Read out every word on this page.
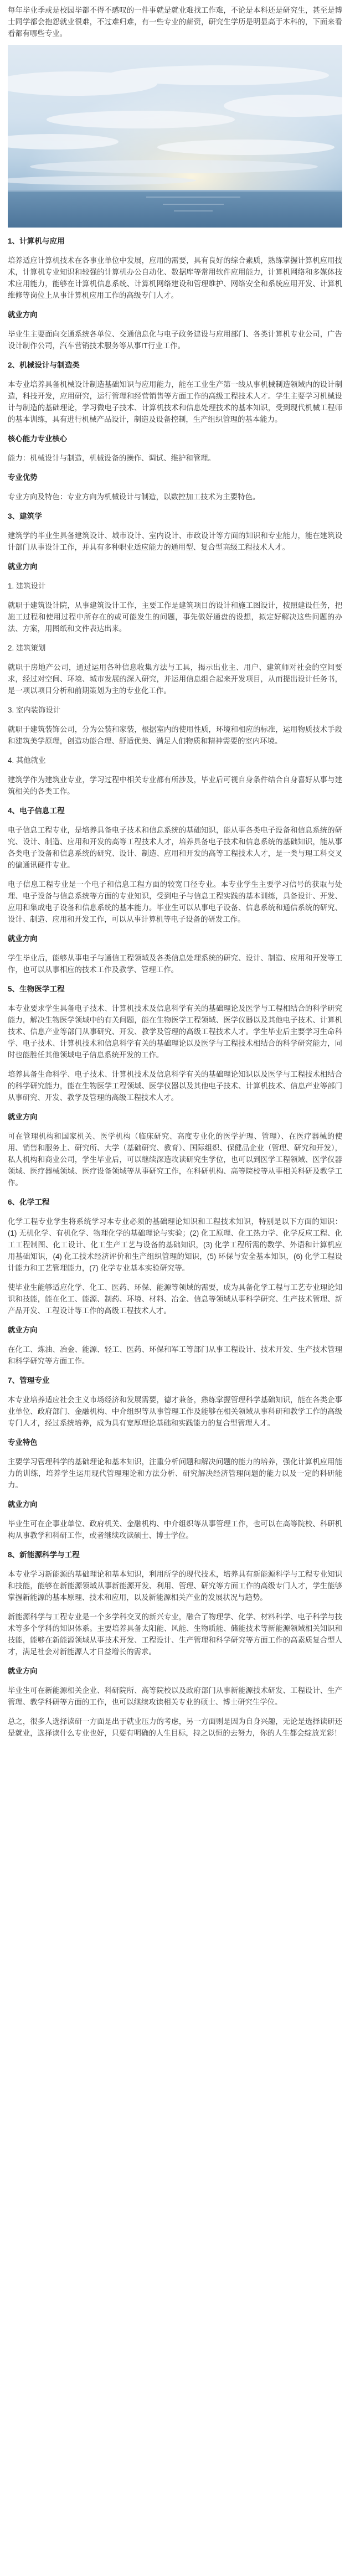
每年毕业季或是校园毕都不得不感叹的一件事就是就业难找工作难，不论是本科还是研究生，甚至是博士同学都会抱怨就业很难，不过难归难，有一些专业的薪资，研究生学历是明显高于本科的，下面来看看都有哪些专业。

1、计算机与应用

培养适应计算机技术在各事业单位中发展，应用的需要，具有良好的综合素质，熟练掌握计算机应用技术，计算机专业知识和较强的计算机办公自动化、数据库等常用软件应用能力，计算机网络和多媒体技术应用能力，能够在计算机信息系统、计算机网络建设和管理维护、网络安全和系统应用开发、计算机维修等岗位上从事计算机应用工作的高级专门人才。

就业方向

毕业生主要面向交通系统各单位、交通信息化与电子政务建设与应用部门、各类计算机专业公司，广告设计制作公司，汽车营销技术服务等从事IT行业工作。

2、机械设计与制造类

本专业培养具备机械设计制造基础知识与应用能力，能在工业生产第一线从事机械制造领域内的设计制造，科技开发，应用研究，运行管理和经营销售等方面工作的高级工程技术人才。学生主要学习机械设计与制造的基础理论，学习微电子技术、计算机技术和信息处理技术的基本知识，受到现代机械工程师的基本训练，具有进行机械产品设计，制造及设备控制，生产组织管理的基本能力。

核心能力专业核心

能力：机械设计与制造，机械设备的操作、调试、维护和管理。

专业优势

专业方向及特色：专业方向为机械设计与制造，以数控加工技术为主要特色。

3、建筑学

建筑学的毕业生具备建筑设计、城市设计、室内设计、市政设计等方面的知识和专业能力，能在建筑设计部门从事设计工作，并具有多种职业适应能力的通用型、复合型高级工程技术人才。

就业方向

1. 建筑设计

就职于建筑设计院，从事建筑设计工作，主要工作是建筑项目的设计和施工图设计，按照建设任务，把施工过程和使用过程中所存在的或可能发生的问题，事先做好通盘的设想，拟定好解决这些问题的办法、方案，用图纸和文件表达出来。

2. 建筑策划

就职于房地产公司，通过运用各种信息收集方法与工具，揭示出业主、用户、建筑师对社会的空间要求，经过对空间、环境、城市发展的深入研究，并运用信息组合起来开发项目，从而提出设计任务书，是一项以项目分析和前期策划为主的专业化工作。

3. 室内装饰设计

就职于建筑装饰公司，分为公装和家装，根据室内的使用性质，环境和相应的标准，运用物质技术手段和建筑美学原理，创造功能合理、舒适优美、满足人们物质和精神需要的室内环境。

4. 其他就业

建筑学作为建筑业专业，学习过程中相关专业都有所涉及，毕业后可视自身条件结合自身喜好从事与建筑相关的各类工作。

4、电子信息工程

电子信息工程专业，是培养具备电子技术和信息系统的基础知识，能从事各类电子设备和信息系统的研究、设计、制造、应用和开发的高等工程技术人才，培养具备电子技术和信息系统的基础知识，能从事各类电子设备和信息系统的研究、设计、制造、应用和开发的高等工程技术人才，是一类与理工科交叉的偏通讯硬件专业。

电子信息工程专业是一个电子和信息工程方面的较宽口径专业。本专业学生主要学习信号的获取与处理、电子设备与信息系统等方面的专业知识，受到电子与信息工程实践的基本训练，具备设计、开发、应用和集成电子设备和信息系统的基本能力。毕业生可以从事电子设备、信息系统和通信系统的研究、设计、制造、应用和开发工作，可以从事计算机等电子设备的研发工作。

就业方向

学生毕业后，能够从事电子与通信工程领域及各类信息处理系统的研究、设计、制造、应用和开发等工作，也可以从事相应的技术工作及教学、管理工作。

5、生物医学工程

本专业要求学生具备电子技术、计算机技术及信息科学有关的基础理论及医学与工程相结合的科学研究能力，解决生物医学领域中的有关问题，能在生物医学工程领域、医学仪器以及其他电子技术、计算机技术、信息产业等部门从事研究、开发、教学及管理的高级工程技术人才。学生毕业后主要学习生命科学、电子技术、计算机技术和信息科学有关的基础理论以及医学与工程技术相结合的科学研究能力，同时也能胜任其他领域电子信息系统开发的工作。

培养具备生命科学、电子技术、计算机技术及信息科学有关的基础理论知识以及医学与工程技术相结合的科学研究能力，能在生物医学工程领域、医学仪器以及其他电子技术、计算机技术、信息产业等部门从事研究、开发、教学及管理的高级工程技术人才。

就业方向

可在管理机构和国家机关、医学机构（临床研究、高度专业化的医学护理、管理）、在医疗器械的使用、销售和服务上、研究所、大学（基础研究、教育）、国际组织、保健品企业（管理、研究和开发），私人机构和商业公司，学生毕业后，可以继续深造攻读研究生学位，也可以到医学工程领域、医学仪器领域、医疗器械领域、医疗设备领域等从事研究工作，在科研机构、高等院校等从事相关科研及教学工作。

6、化学工程

化学工程专业学生将系统学习本专业必须的基础理论知识和工程技术知识，特别是以下方面的知识：(1) 无机化学、有机化学、物理化学的基础理论与实验；(2) 化工原理、化工热力学、化学反应工程、化工工程制图、化工设计、化工生产工艺与设备的基础知识，(3) 化学工程所需的数学、外语和计算机应用基础知识，(4) 化工技术经济评价和生产组织管理的知识，(5) 环保与安全基本知识，(6) 化学工程设计能力和工艺管理能力，(7) 化学专业基本实验研究等。

使毕业生能够适应化学、化工、医药、环保、能源等领域的需要，成为具备化学工程与工艺专业理论知识和技能，能在化工、能源、制药、环境、材料、冶金、信息等领域从事科学研究、生产技术管理、新产品开发、工程设计等工作的高级工程技术人才。

就业方向

在化工、炼油、冶金、能源、轻工、医药、环保和军工等部门从事工程设计、技术开发、生产技术管理和科学研究等方面工作。

7、管理专业

本专业培养适应社会主义市场经济和发展需要，德才兼备，熟练掌握管理科学基础知识，能在各类企事业单位、政府部门、金融机构、中介组织等从事管理工作及能够在相关领域从事科研和教学工作的高级专门人才，经过系统培养，成为具有宽厚理论基础和实践能力的复合型管理人才。

专业特色

主要学习管理科学的基础理论和基本知识，注重分析问题和解决问题的能力的培养，强化计算机应用能力的训练，培养学生运用现代管理理论和方法分析、研究解决经济管理问题的能力以及一定的科研能力。

就业方向

毕业生可在企事业单位、政府机关、金融机构、中介组织等从事管理工作，也可以在高等院校、科研机构从事教学和科研工作，或者继续攻读硕士、博士学位。

8、新能源科学与工程

本专业学习新能源的基础理论和基本知识，利用所学的现代技术，培养具有新能源科学与工程专业知识和技能，能够在新能源领域从事新能源开发、利用、管理、研究等方面工作的高级专门人才，学生能够掌握新能源的基本原理、技术和应用，以及新能源相关产业的发展状况与趋势。

新能源科学与工程专业是一个多学科交叉的新兴专业，融合了物理学、化学、材料科学、电子科学与技术等多个学科的知识体系。主要培养具备太阳能、风能、生物质能、储能技术等新能源领域相关知识和技能，能够在新能源领域从事技术开发、工程设计、生产管理和科学研究等方面工作的高素质复合型人才，满足社会对新能源人才日益增长的需求。

就业方向

毕业生可在新能源相关企业、科研院所、高等院校以及政府部门从事新能源技术研发、工程设计、生产管理、教学科研等方面的工作，也可以继续攻读相关专业的硕士、博士研究生学位。

总之，很多人选择读研一方面是出于就业压力的考虑，另一方面则是因为自身兴趣，无论是选择读研还是就业，选择读什么专业也好，只要有明确的人生目标，持之以恒的去努力，你的人生都会绽放光彩！
